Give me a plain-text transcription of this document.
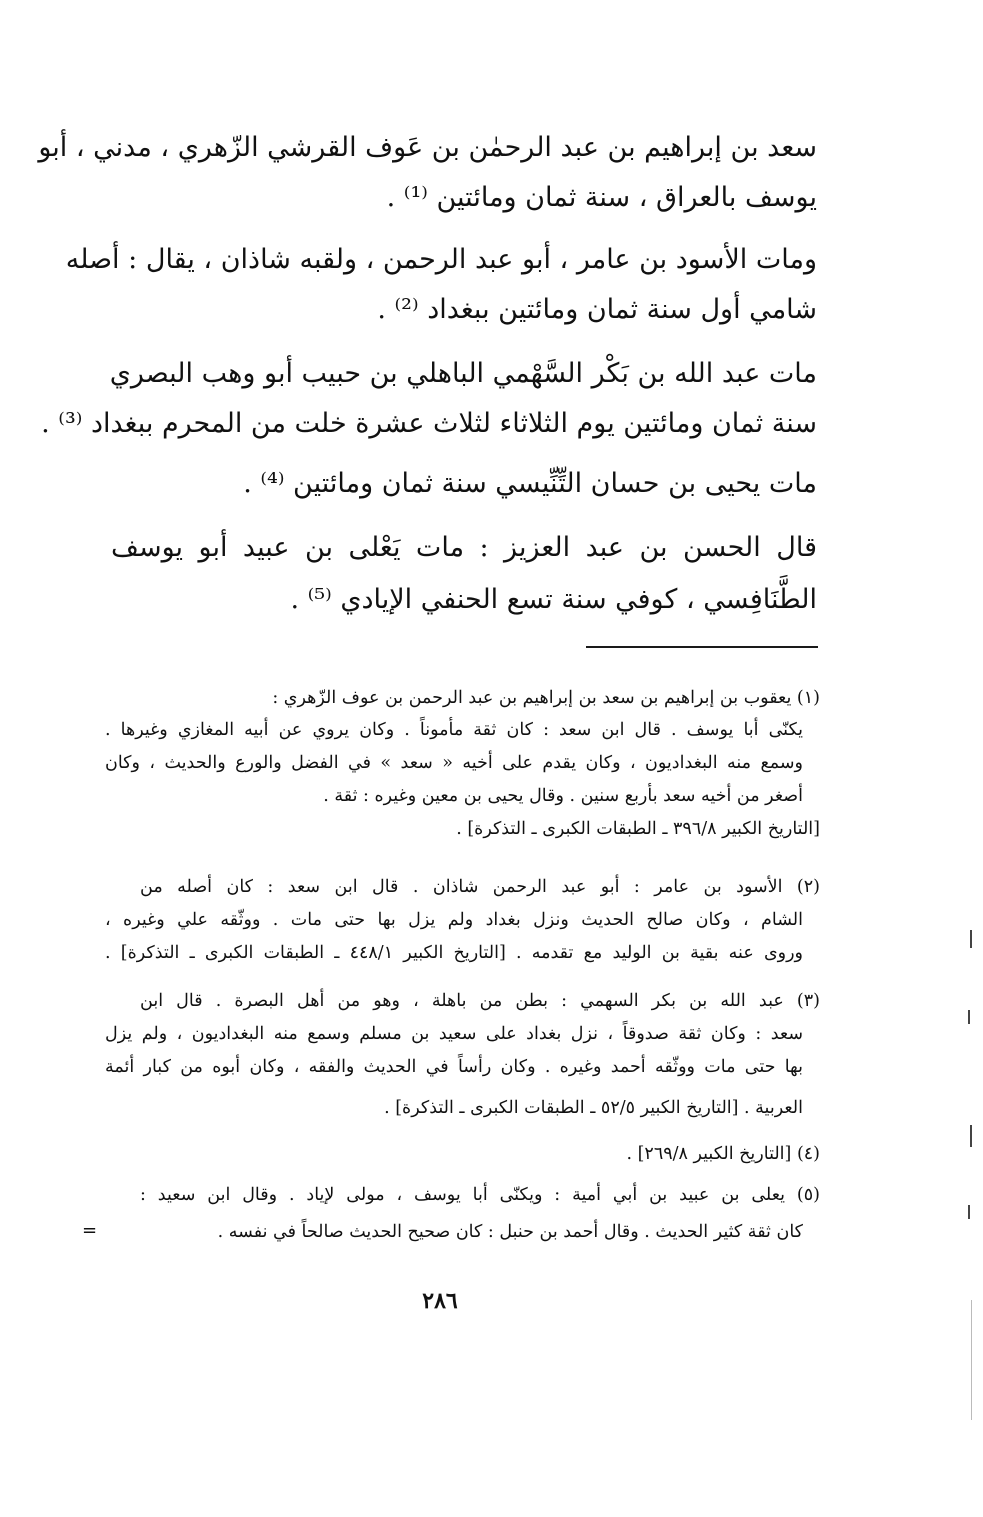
سعد بن إبراهيم بن عبد الرحمٰن بن عَوف القرشي الزّهري ، مدني ، أبو
يوسف بالعراق ، سنة ثمان ومائتين ⁽¹⁾ .
ومات الأسود بن عامر ، أبو عبد الرحمن ، ولقبه شاذان ، يقال : أصله
شامي أول سنة ثمان ومائتين ببغداد ⁽²⁾ .
مات عبد الله بن بَكْر السَّهْمي الباهلي بن حبيب أبو وهب البصري
سنة ثمان ومائتين يوم الثلاثاء لثلاث عشرة خلت من المحرم ببغداد ⁽³⁾ .
مات يحيى بن حسان التِّنِّيسي سنة ثمان ومائتين ⁽⁴⁾ .
قال الحسن بن عبد العزيز : مات يَعْلى بن عبيد أبو يوسف
الطَّنَافِسي ، كوفي سنة تسع الحنفي الإيادي ⁽⁵⁾ .
(١) يعقوب بن إبراهيم بن سعد بن إبراهيم بن عبد الرحمن بن عوف الزّهري :
يكنّى أبا يوسف . قال ابن سعد : كان ثقة مأموناً . وكان يروي عن أبيه المغازي وغيرها .
وسمع منه البغداديون ، وكان يقدم على أخيه « سعد » في الفضل والورع والحديث ، وكان
أصغر من أخيه سعد بأربع سنين . وقال يحيى بن معين وغيره : ثقة .
[التاريخ الكبير ٣٩٦/٨ ـ الطبقات الكبرى ـ التذكرة] .
(٢) الأسود بن عامر : أبو عبد الرحمن شاذان . قال ابن سعد : كان أصله من
الشام ، وكان صالح الحديث ونزل بغداد ولم يزل بها حتى مات . ووثّقه علي وغيره ،
وروى عنه بقية بن الوليد مع تقدمه . [التاريخ الكبير ٤٤٨/١ ـ الطبقات الكبرى ـ التذكرة] .
(٣) عبد الله بن بكر السهمي : بطن من باهلة ، وهو من أهل البصرة . قال ابن
سعد : وكان ثقة صدوقاً ، نزل بغداد على سعيد بن مسلم وسمع منه البغداديون ، ولم يزل
بها حتى مات ووثّقه أحمد وغيره . وكان رأساً في الحديث والفقه ، وكان أبوه من كبار أئمة
العربية . [التاريخ الكبير ٥٢/٥ ـ الطبقات الكبرى ـ التذكرة] .
(٤) [التاريخ الكبير ٢٦٩/٨] .
(٥) يعلى بن عبيد بن أبي أمية : ويكنّى أبا يوسف ، مولى لإياد . وقال ابن سعيد :
كان ثقة كثير الحديث . وقال أحمد بن حنبل : كان صحيح الحديث صالحاً في نفسه .
=
٢٨٦
